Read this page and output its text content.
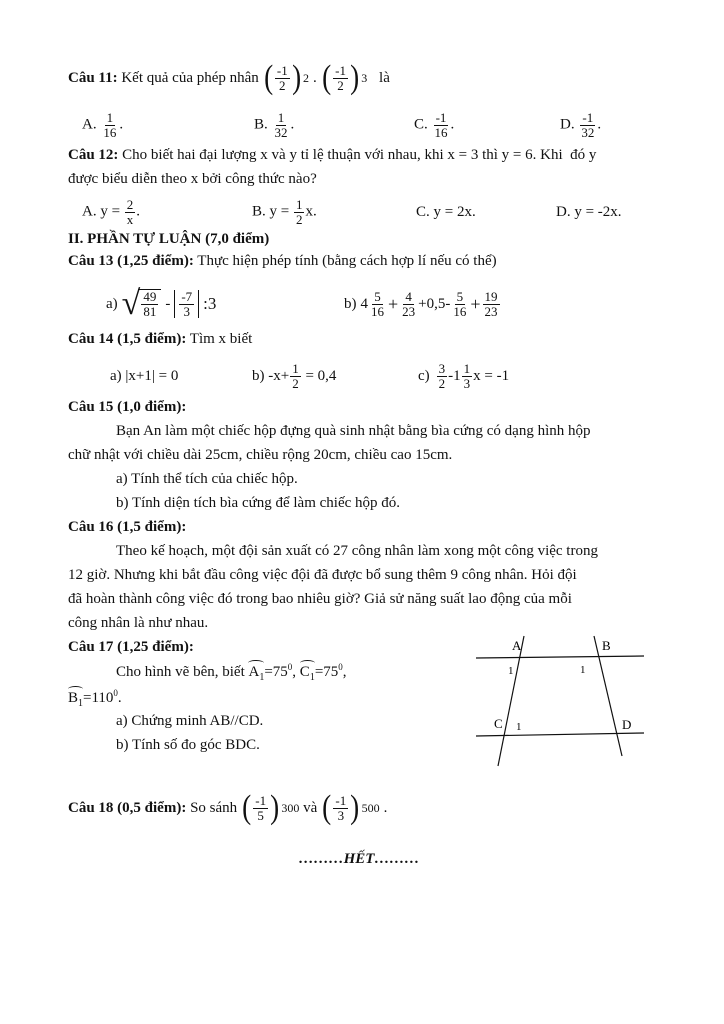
Câu 11: Kết quả của phép nhân ( $\frac{-1}{2}$ ) 2 . ( $\frac{-1}{2}$ ) 3 là
A. $\frac{1}{16}$ .	B. $\frac{1}{32}$ .	C. $\frac{-1}{16}$ .	D. $\frac{-1}{32}$ .
Câu 12: Cho biết hai đại lượng x và y tỉ lệ thuận với nhau, khi x = 3 thì y = 6. Khi  đó y
được biểu diễn theo x bởi công thức nào?
A. $y = \frac{2}{x}$ .	B. $y = \frac{1}{2} x$.	C. y = 2x.	D. y = -2x.
II. PHẦN TỰ LUẬN (7,0 điểm)
Câu 13 (1,25 điểm): Thực hiện phép tính (bằng cách hợp lí nếu có thể)
a) √ $\frac{49}{81} - \frac{-7}{3}$ :3	b) $4 \frac{5}{16} + \frac{4}{23} +0,5- \frac{5}{16} + \frac{19}{23}$
Câu 14 (1,5 điểm): Tìm x biết
a) |x+1| = 0	b) $-x+ \frac{1}{2} = 0,4$	$c) \frac{3}{2} -1 \frac{1}{3}$ x = -1
Câu 15 (1,0 điểm):
Bạn An làm một chiếc hộp đựng quà sinh nhật bằng bìa cứng có dạng hình hộp
chữ nhật với chiều dài 25cm, chiều rộng 20cm, chiều cao 15cm.
a) Tính thể tích của chiếc hộp.
b) Tính diện tích bìa cứng để làm chiếc hộp đó.
Câu 16 (1,5 điểm):
Theo kế hoạch, một đội sản xuất có 27 công nhân làm xong một công việc trong
12 giờ. Nhưng khi bắt đầu công việc đội đã được bổ sung thêm 9 công nhân. Hỏi đội
đã hoàn thành công việc đó trong bao nhiêu giờ? Giả sử năng suất lao động của mỗi
công nhân là như nhau.
Câu 17 (1,25 điểm):
Cho hình vẽ bên, biết $A_1=75^0$, $C_1=75^0$,
$B_1=110^0$.
a) Chứng minh AB//CD.
b) Tính số đo góc BDC.
A	B
C	D
1	1
1
Câu 18 (0,5 điểm): So sánh ( $\frac{-1}{5}$ ) 300 và ( $\frac{-1}{3}$ ) 500 .
………HẾT………
